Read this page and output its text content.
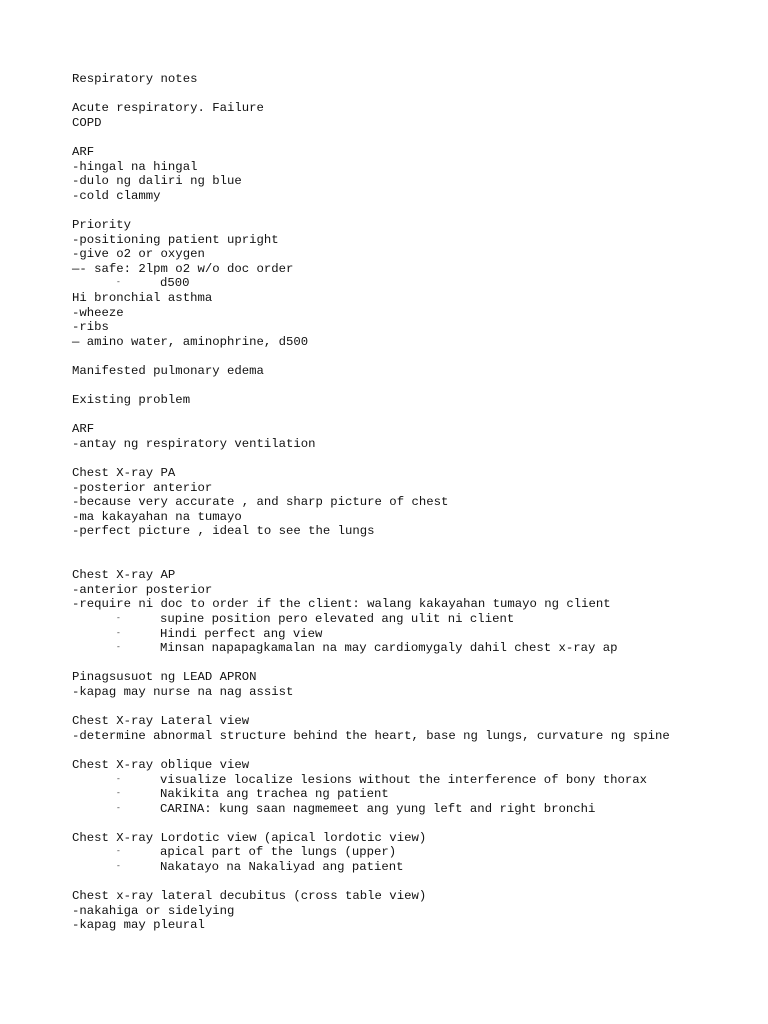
Respiratory notes
Acute respiratory. Failure
COPD
ARF
-hingal na hingal
-dulo ng daliri ng blue
-cold clammy
Priority
-positioning patient upright
-give o2 or oxygen
—- safe: 2lpm o2 w/o doc order
-	d500
Hi bronchial asthma
-wheeze
-ribs
— amino water, aminophrine, d500
Manifested pulmonary edema
Existing problem
ARF
-antay ng respiratory ventilation
Chest X-ray PA
-posterior anterior
-because very accurate , and sharp picture of chest
-ma kakayahan na tumayo
-perfect picture , ideal to see the lungs
Chest X-ray AP
-anterior posterior
-require ni doc to order if the client: walang kakayahan tumayo ng client
-	supine position pero elevated ang ulit ni client
-	Hindi perfect ang view
-	Minsan napapagkamalan na may cardiomygaly dahil chest x-ray ap
Pinagsusuot ng LEAD APRON
-kapag may nurse na nag assist
Chest X-ray Lateral view
-determine abnormal structure behind the heart, base ng lungs, curvature ng spine
Chest X-ray oblique view
-	visualize localize lesions without the interference of bony thorax
-	Nakikita ang trachea ng patient
-	CARINA: kung saan nagmemeet ang yung left and right bronchi
Chest X-ray Lordotic view (apical lordotic view)
-	apical part of the lungs (upper)
-	Nakatayo na Nakaliyad ang patient
Chest x-ray lateral decubitus (cross table view)
-nakahiga or sidelying
-kapag may pleural
